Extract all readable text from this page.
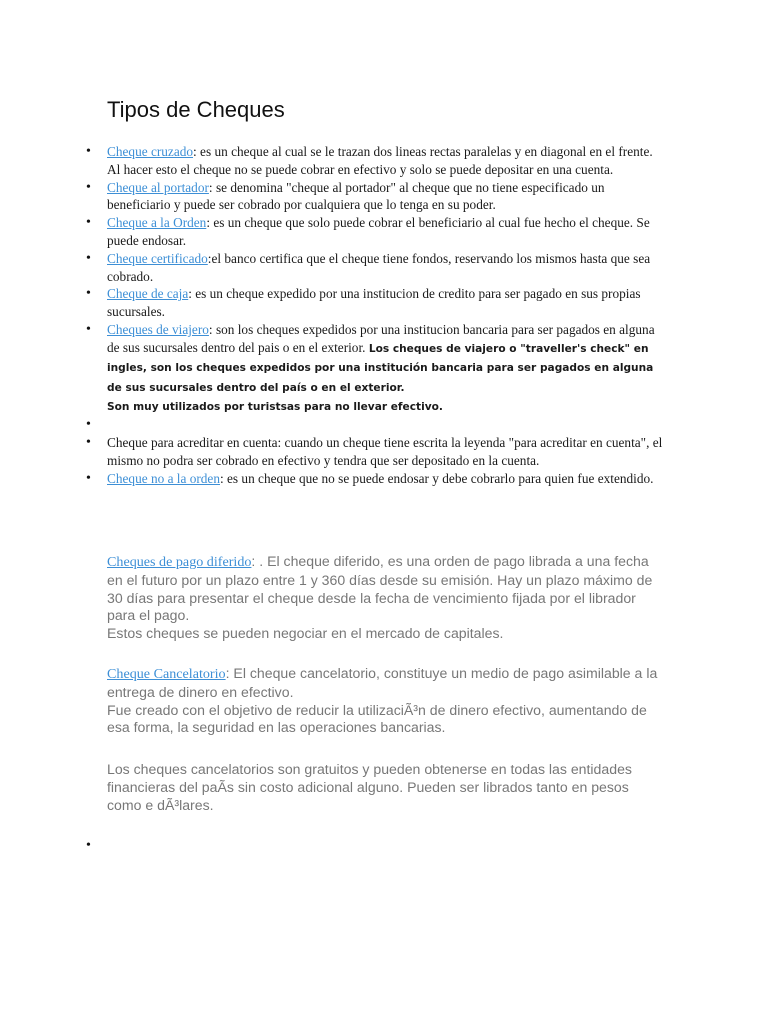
Tipos de Cheques
• Cheque cruzado: es un cheque al cual se le trazan dos lineas rectas paralelas y en diagonal en el frente. Al hacer esto el cheque no se puede cobrar en efectivo y solo se puede depositar en una cuenta.
• Cheque al portador: se denomina "cheque al portador" al cheque que no tiene especificado un beneficiario y puede ser cobrado por cualquiera que lo tenga en su poder.
• Cheque a la Orden: es un cheque que solo puede cobrar el beneficiario al cual fue hecho el cheque. Se puede endosar.
• Cheque certificado:el banco certifica que el cheque tiene fondos, reservando los mismos hasta que sea cobrado.
• Cheque de caja: es un cheque expedido por una institucion de credito para ser pagado en sus propias sucursales.
• Cheques de viajero: son los cheques expedidos por una institucion bancaria para ser pagados en alguna de sus sucursales dentro del pais o en el exterior. Los cheques de viajero o "traveller's check" en ingles, son los cheques expedidos por una institución bancaria para ser pagados en alguna de sus sucursales dentro del país o en el exterior.
Son muy utilizados por turistsas para no llevar efectivo.
•
• Cheque para acreditar en cuenta: cuando un cheque tiene escrita la leyenda "para acreditar en cuenta", el mismo no podra ser cobrado en efectivo y tendra que ser depositado en la cuenta.
• Cheque no a la orden: es un cheque que no se puede endosar y debe cobrarlo para quien fue extendido.

Cheques de pago diferido: . El cheque diferido, es una orden de pago librada a una fecha en el futuro por un plazo entre 1 y 360 días desde su emisión. Hay un plazo máximo de 30 días para presentar el cheque desde la fecha de vencimiento fijada por el librador para el pago.
Estos cheques se pueden negociar en el mercado de capitales.

Cheque Cancelatorio: El cheque cancelatorio, constituye un medio de pago asimilable a la entrega de dinero en efectivo.
Fue creado con el objetivo de reducir la utilizaciÃ³n de dinero efectivo, aumentando de esa forma, la seguridad en las operaciones bancarias.

Los cheques cancelatorios son gratuitos y pueden obtenerse en todas las entidades financieras del paÃs sin costo adicional alguno. Pueden ser librados tanto en pesos como e dÃ³lares.

•
